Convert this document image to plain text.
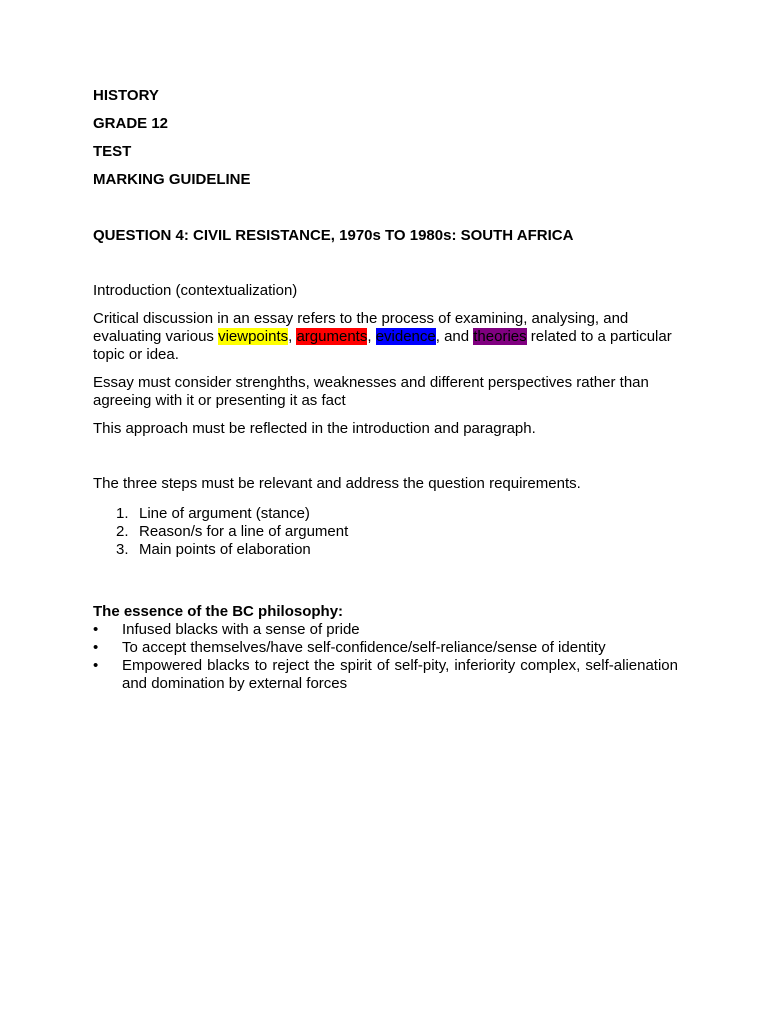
HISTORY
GRADE 12
TEST
MARKING GUIDELINE
QUESTION 4: CIVIL RESISTANCE, 1970s TO 1980s: SOUTH AFRICA
Introduction (contextualization)
Critical discussion in an essay refers to the process of examining, analysing, and evaluating various viewpoints, arguments, evidence, and theories related to a particular topic or idea.
Essay must consider strenghths, weaknesses and different perspectives rather than agreeing with it or presenting it as fact
This approach must be reflected in the introduction and paragraph.
The three steps must be relevant and address the question requirements.
1. Line of argument (stance)
2. Reason/s for a line of argument
3. Main points of elaboration
The essence of the BC philosophy:
• Infused blacks with a sense of pride
• To accept themselves/have self-confidence/self-reliance/sense of identity
• Empowered blacks to reject the spirit of self-pity, inferiority complex, self-alienation and domination by external forces
